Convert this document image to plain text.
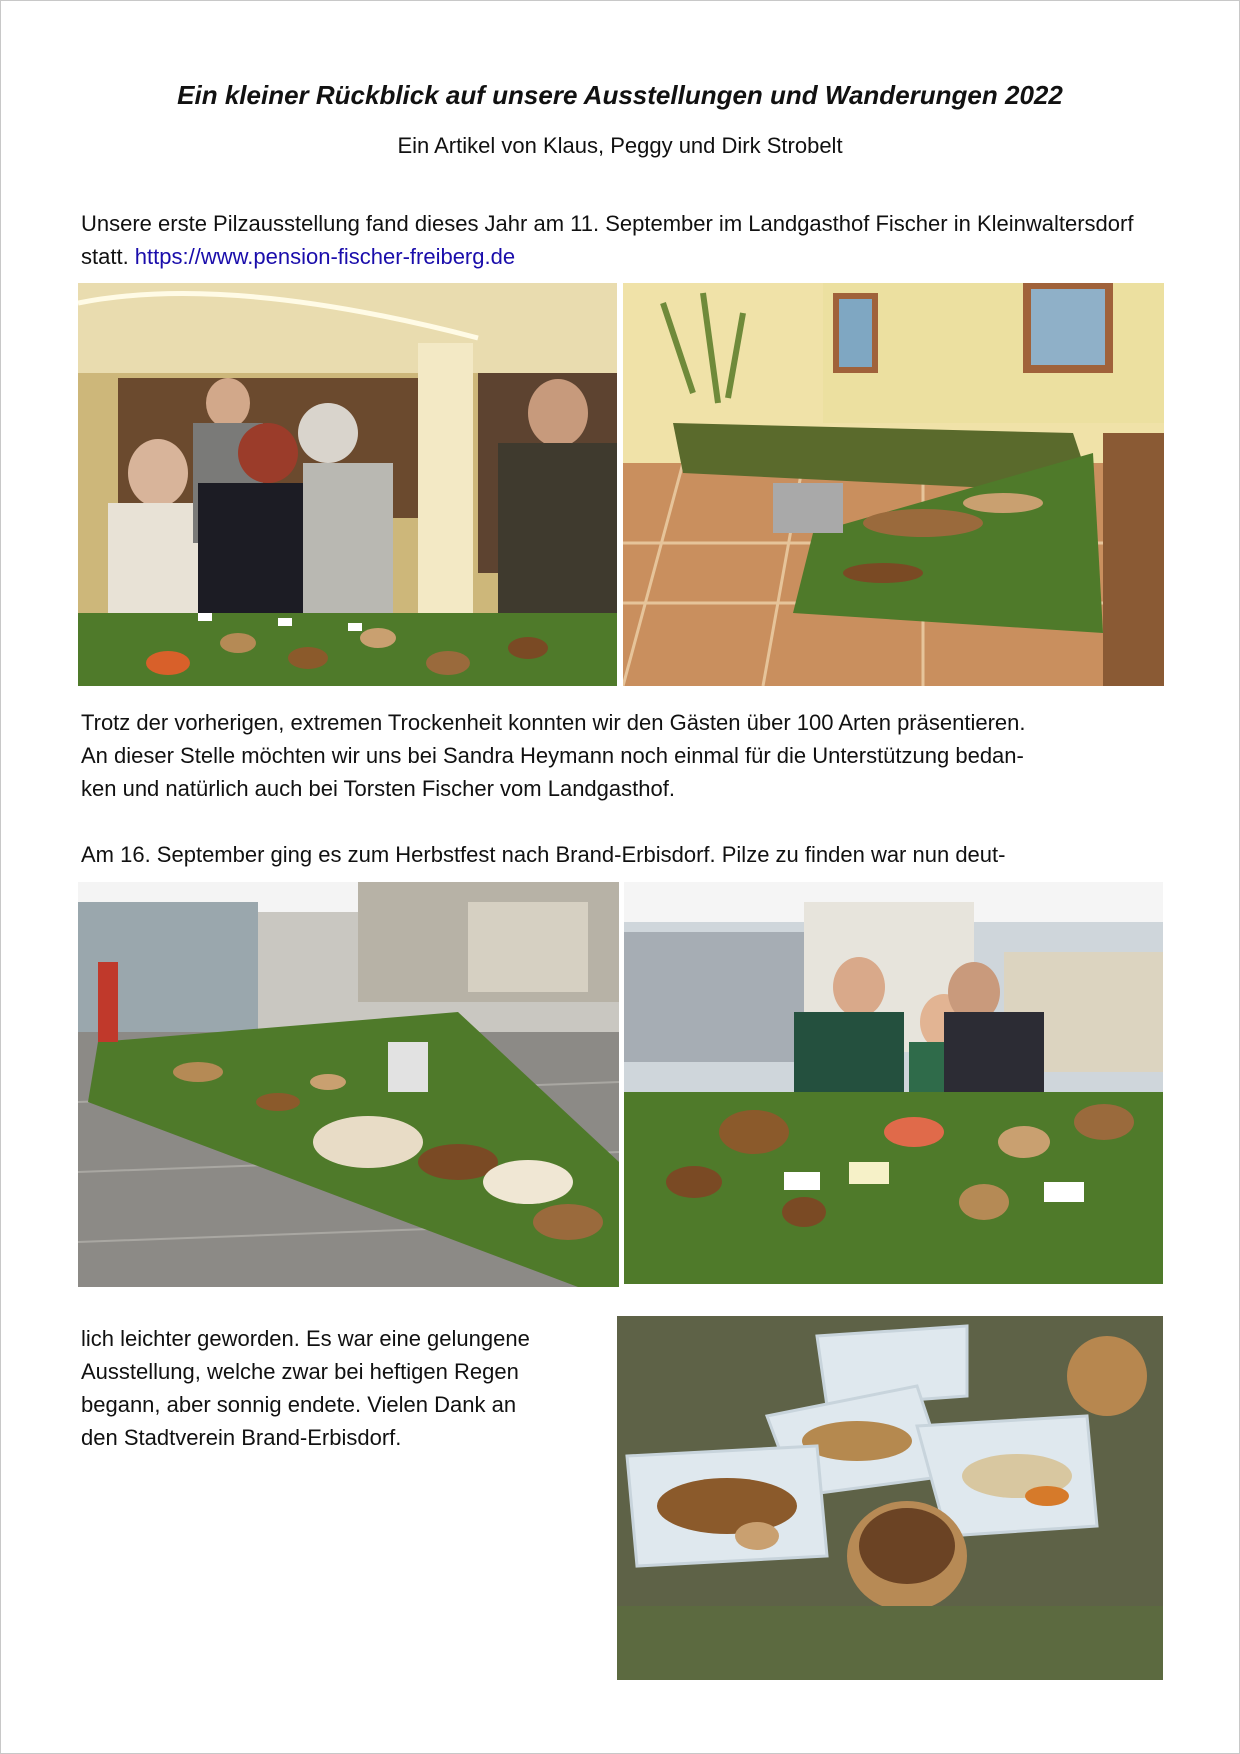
Ein kleiner Rückblick auf unsere Ausstellungen und Wanderungen 2022
Ein Artikel von Klaus, Peggy und Dirk Strobelt
Unsere erste Pilzausstellung fand dieses Jahr am 11. September im Landgasthof Fischer in Kleinwaltersdorf statt. https://www.pension-fischer-freiberg.de
Trotz der vorherigen, extremen Trockenheit konnten wir den Gästen über 100 Arten präsentieren.
An dieser Stelle möchten wir uns bei Sandra Heymann noch einmal für die Unterstützung bedan-
ken und natürlich auch bei Torsten Fischer vom Landgasthof.
Am 16. September ging es zum Herbstfest nach Brand-Erbisdorf. Pilze zu finden war nun deut-
lich leichter geworden. Es war eine gelungene
Ausstellung, welche zwar bei heftigen Regen
begann, aber sonnig endete. Vielen Dank an
den Stadtverein Brand-Erbisdorf.
